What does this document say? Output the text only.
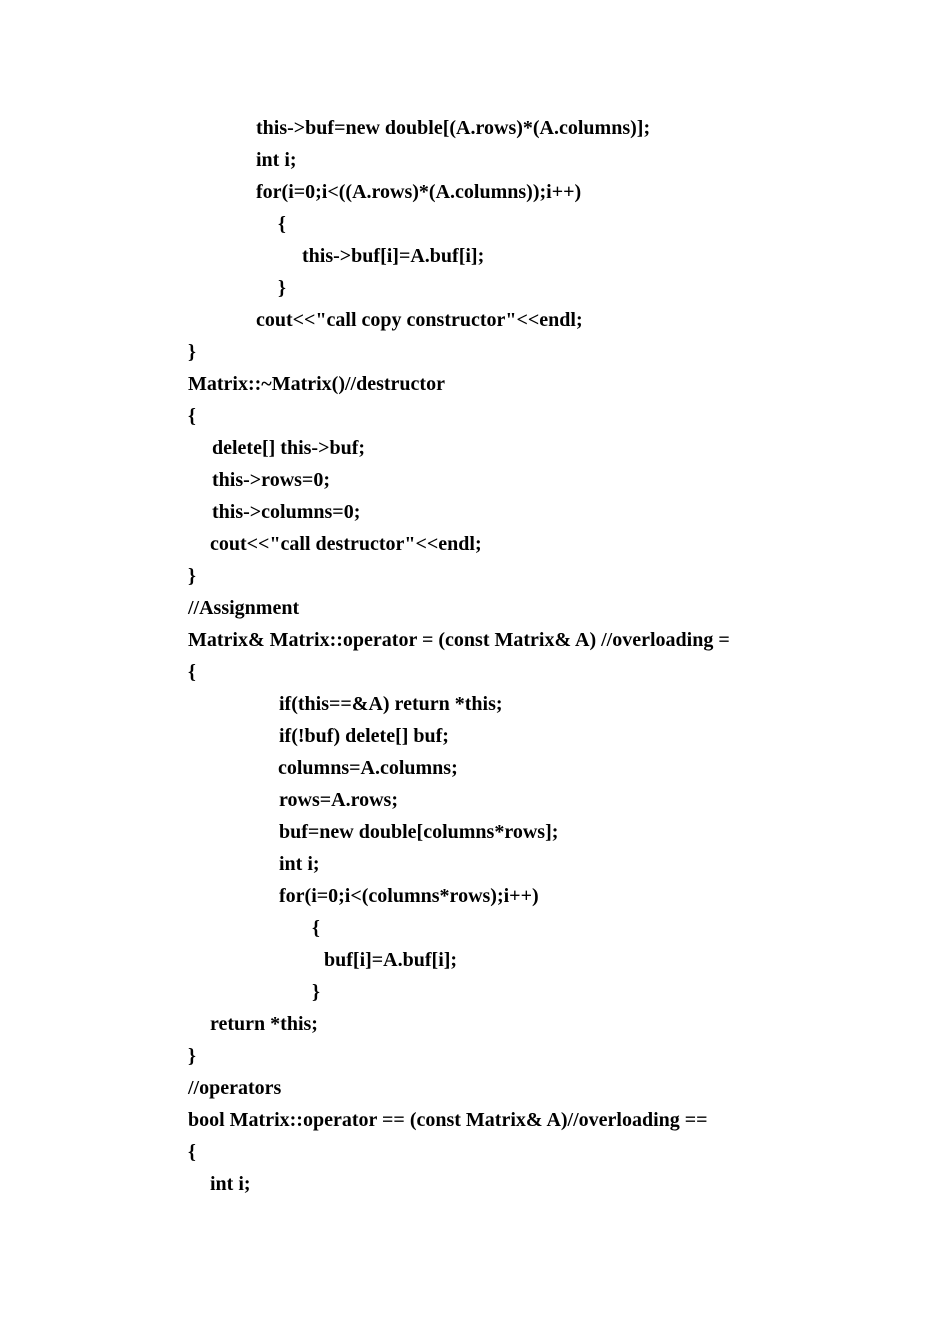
this->buf=new double[(A.rows)*(A.columns)];
int i;
for(i=0;i<((A.rows)*(A.columns));i++)
{
this->buf[i]=A.buf[i];
}
cout<<"call copy constructor"<<endl;
}
Matrix::~Matrix()//destructor
{
delete[] this->buf;
this->rows=0;
this->columns=0;
cout<<"call destructor"<<endl;
}
//Assignment
Matrix& Matrix::operator = (const Matrix& A) //overloading =
{
if(this==&A) return *this;
if(!buf) delete[] buf;
columns=A.columns;
rows=A.rows;
buf=new double[columns*rows];
int i;
for(i=0;i<(columns*rows);i++)
{
buf[i]=A.buf[i];
}
return *this;
}
//operators
bool Matrix::operator == (const Matrix& A)//overloading ==
{
int i;
